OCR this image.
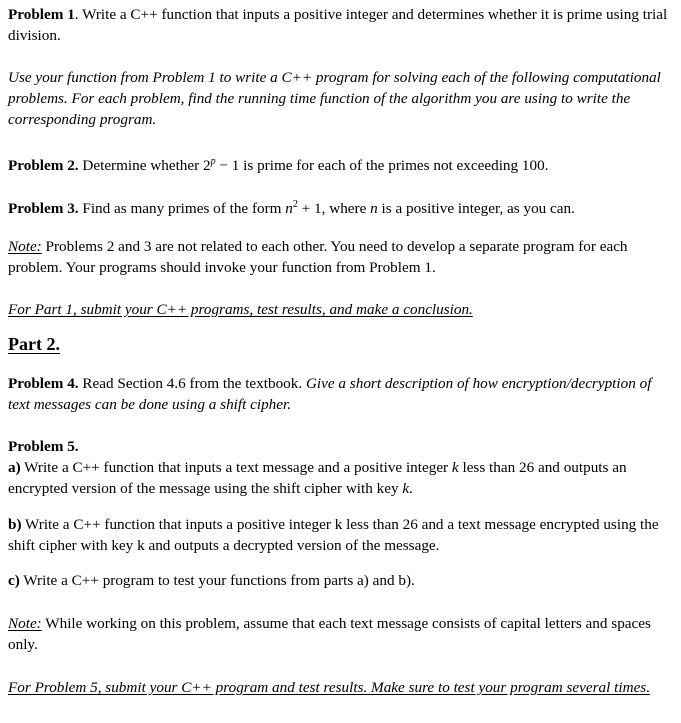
Problem 1. Write a C++ function that inputs a positive integer and determines whether it is prime using trial division.

Use your function from Problem 1 to write a C++ program for solving each of the following computational problems. For each problem, find the running time function of the algorithm you are using to write the corresponding program.

Problem 2. Determine whether $2^p - 1$ is prime for each of the primes not exceeding 100.

Problem 3. Find as many primes of the form $n^2 + 1$, where n is a positive integer, as you can.

Note: Problems 2 and 3 are not related to each other. You need to develop a separate program for each problem. Your programs should invoke your function from Problem 1.

For Part 1, submit your C++ programs, test results, and make a conclusion.

Part 2.

Problem 4. Read Section 4.6 from the textbook. Give a short description of how encryption/decryption of text messages can be done using a shift cipher.

Problem 5.
a) Write a C++ function that inputs a text message and a positive integer k less than 26 and outputs an encrypted version of the message using the shift cipher with key k.

b) Write a C++ function that inputs a positive integer k less than 26 and a text message encrypted using the shift cipher with key k and outputs a decrypted version of the message.

c) Write a C++ program to test your functions from parts a) and b).

Note: While working on this problem, assume that each text message consists of capital letters and spaces only.

For Problem 5, submit your C++ program and test results. Make sure to test your program several times.
